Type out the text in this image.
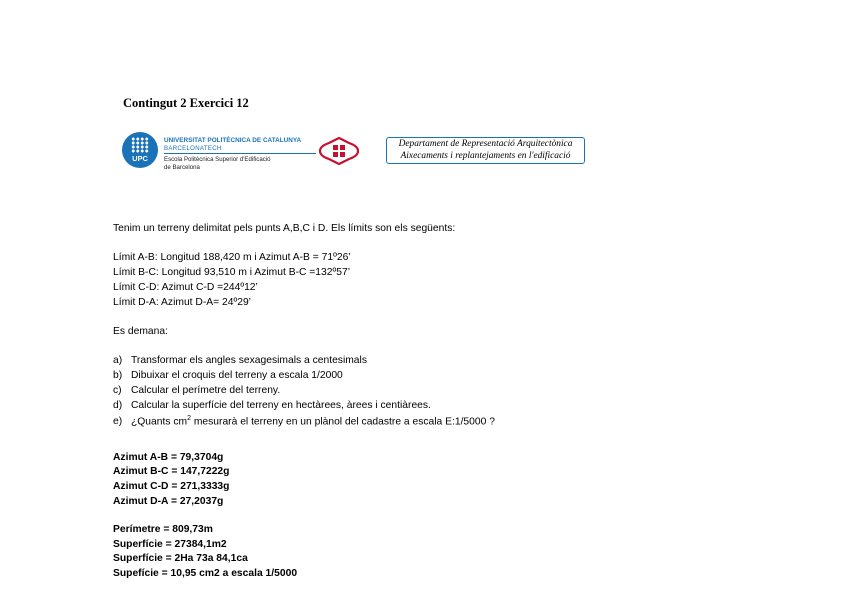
Contingut 2 Exercici 12
UPC
UNIVERSITAT POLITÈCNICA DE CATALUNYA
BARCELONATECH
Escola Politècnica Superior d'Edificació
de Barcelona
Departament de Representació Arquitectònica
Aixecaments i replantejaments en l'edificació
Tenim un terreny delimitat pels punts A,B,C i D. Els límits son els següents:
Límit A-B: Longitud 188,420 m i Azimut A-B = 71º26’
Límit B-C: Longitud 93,510 m i Azimut B-C =132º57’
Límit C-D: Azimut C-D =244º12’
Límit D-A: Azimut D-A= 24º29’
Es demana:
a) Transformar els angles sexagesimals a centesimals
b) Dibuixar el croquis del terreny a escala 1/2000
c) Calcular el perímetre del terreny.
d) Calcular la superfície del terreny en hectàrees, àrees i centiàrees.
e) ¿Quants $cm^2$ mesurarà el terreny en un plànol del cadastre a escala E:1/5000 ?
Azimut A-B = 79,3704g
Azimut B-C = 147,7222g
Azimut C-D = 271,3333g
Azimut D-A = 27,2037g
Perímetre = 809,73m
Superfície = 27384,1m2
Superfície = 2Ha 73a 84,1ca
Supefície = 10,95 cm2 a escala 1/5000
